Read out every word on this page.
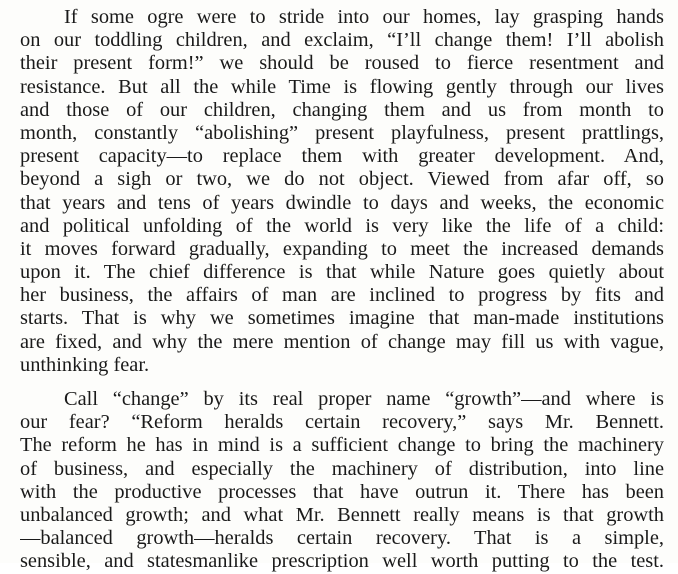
If some ogre were to stride into our homes, lay grasping hands
on our toddling children, and exclaim, “I’ll change them! I’ll abolish
their present form!” we should be roused to fierce resentment and
resistance. But all the while Time is flowing gently through our lives
and those of our children, changing them and us from month to
month, constantly “abolishing” present playfulness, present prattlings,
present capacity—to replace them with greater development. And,
beyond a sigh or two, we do not object. Viewed from afar off, so
that years and tens of years dwindle to days and weeks, the economic
and political unfolding of the world is very like the life of a child:
it moves forward gradually, expanding to meet the increased demands
upon it. The chief difference is that while Nature goes quietly about
her business, the affairs of man are inclined to progress by fits and
starts. That is why we sometimes imagine that man-made institutions
are fixed, and why the mere mention of change may fill us with vague,
unthinking fear.
Call “change” by its real proper name “growth”—and where is
our fear? “Reform heralds certain recovery,” says Mr. Bennett.
The reform he has in mind is a sufficient change to bring the machinery
of business, and especially the machinery of distribution, into line
with the productive processes that have outrun it. There has been
unbalanced growth; and what Mr. Bennett really means is that growth
—balanced growth—heralds certain recovery. That is a simple,
sensible, and statesmanlike prescription well worth putting to the test.
